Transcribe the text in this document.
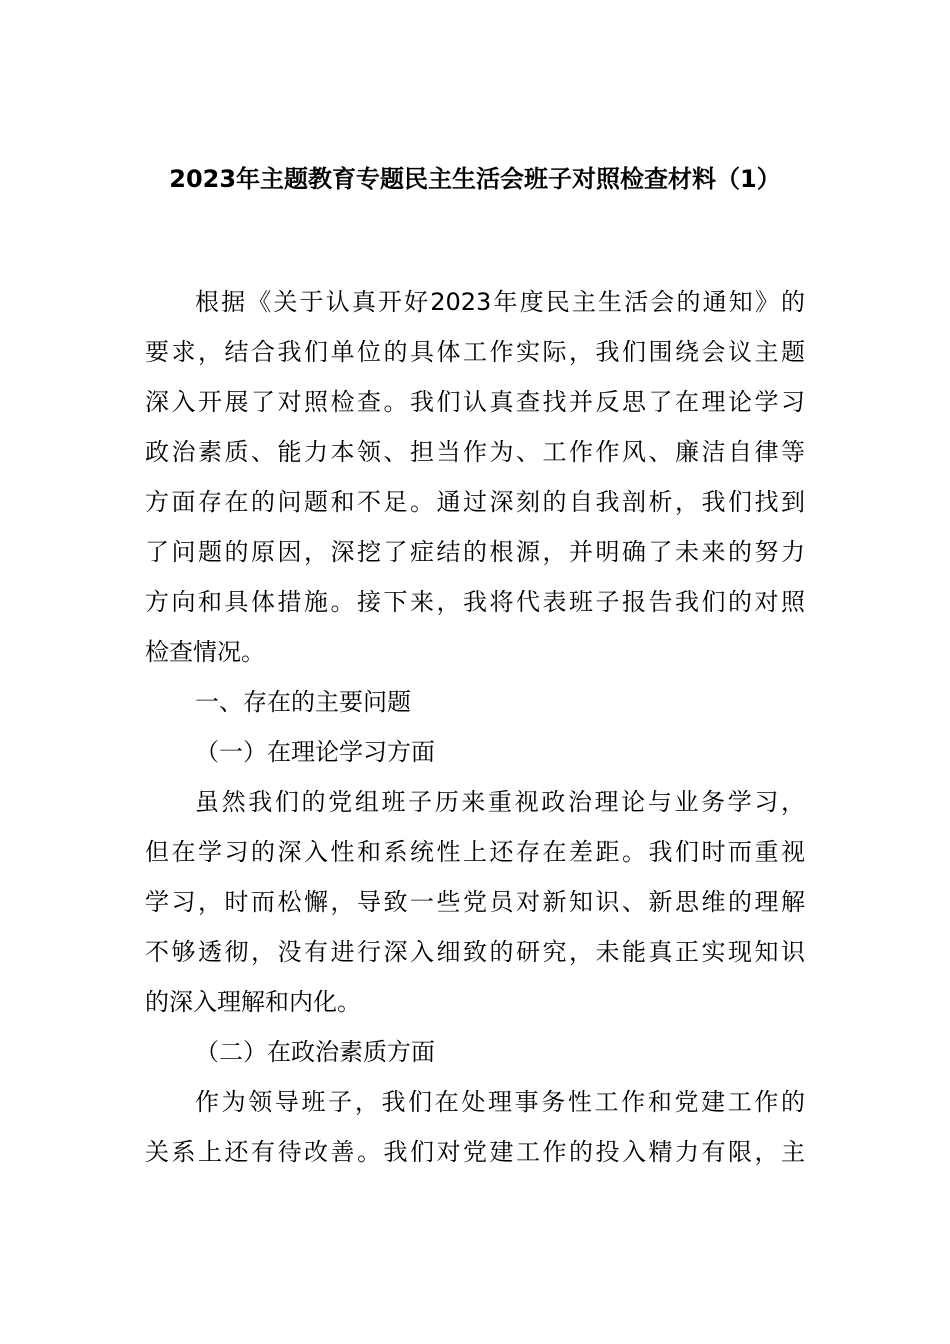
2023年主题教育专题民主生活会班子对照检查材料（1）
根据《关于认真开好2023年度民主生活会的通知》的
要求，结合我们单位的具体工作实际，我们围绕会议主题
深入开展了对照检查。我们认真查找并反思了在理论学习
政治素质、能力本领、担当作为、工作作风、廉洁自律等
方面存在的问题和不足。通过深刻的自我剖析，我们找到
了问题的原因，深挖了症结的根源，并明确了未来的努力
方向和具体措施。接下来，我将代表班子报告我们的对照
检查情况。
一、存在的主要问题
（一）在理论学习方面
虽然我们的党组班子历来重视政治理论与业务学习，
但在学习的深入性和系统性上还存在差距。我们时而重视
学习，时而松懈，导致一些党员对新知识、新思维的理解
不够透彻，没有进行深入细致的研究，未能真正实现知识
的深入理解和内化。
（二）在政治素质方面
作为领导班子，我们在处理事务性工作和党建工作的
关系上还有待改善。我们对党建工作的投入精力有限，主
